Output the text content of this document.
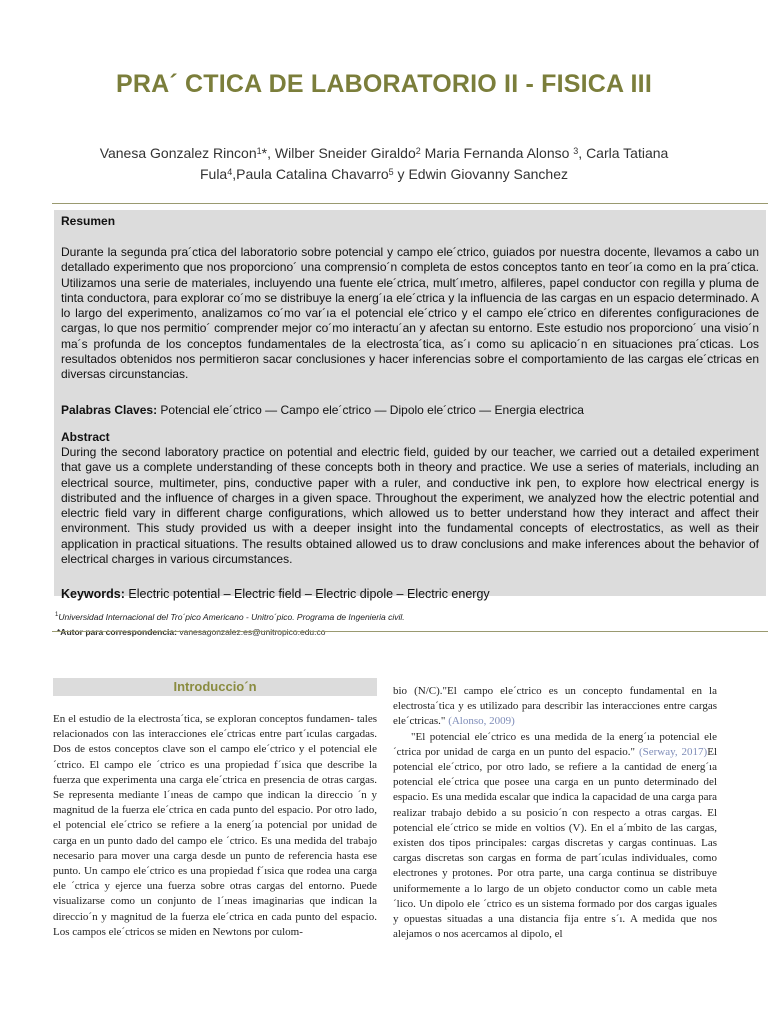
PRA´ CTICA DE LABORATORIO II - FISICA III
Vanesa Gonzalez Rincon$^1$*, Wilber Sneider Giraldo$^2$ Maria Fernanda Alonso $^3$, Carla Tatiana Fula$^4$,Paula Catalina Chavarro$^5$ y Edwin Giovanny Sanchez
Resumen

Durante la segunda pra´ctica del laboratorio sobre potencial y campo ele´ctrico, guiados por nuestra docente, llevamos a cabo un detallado experimento que nos proporciono´ una comprensio´n completa de estos conceptos tanto en teor´ıa como en la pra´ctica. Utilizamos una serie de materiales, incluyendo una fuente ele´ctrica, mult´ımetro, alfileres, papel conductor con regilla y pluma de tinta conductora, para explorar co´mo se distribuye la energ´ıa ele´ctrica y la influencia de las cargas en un espacio determinado. A lo largo del experimento, analizamos co´mo var´ıa el potencial ele´ctrico y el campo ele´ctrico en diferentes configuraciones de cargas, lo que nos permitio´ comprender mejor co´mo interactu´an y afectan su entorno. Este estudio nos proporciono´ una visio´n ma´s profunda de los conceptos fundamentales de la electrosta´tica, as´ı como su aplicacio´n en situaciones pra´cticas. Los resultados obtenidos nos permitieron sacar conclusiones y hacer inferencias sobre el comportamiento de las cargas ele´ctricas en diversas circunstancias.

Palabras Claves: Potencial ele´ctrico — Campo ele´ctrico — Dipolo ele´ctrico — Energia electrica
Abstract

During the second laboratory practice on potential and electric field, guided by our teacher, we carried out a detailed experiment that gave us a complete understanding of these concepts both in theory and practice. We use a series of materials, including an electrical source, multimeter, pins, conductive paper with a ruler, and conductive ink pen, to explore how electrical energy is distributed and the influence of charges in a given space. Throughout the experiment, we analyzed how the electric potential and electric field vary in different charge configurations, which allowed us to better understand how they interact and affect their environment. This study provided us with a deeper insight into the fundamental concepts of electrostatics, as well as their application in practical situations. The results obtained allowed us to draw conclusions and make inferences about the behavior of electrical charges in various circumstances.

Keywords: Electric potential – Electric field – Electric dipole – Electric energy
$^1$Universidad Internacional del Tro´pico Americano - Unitro´pico. Programa de Ingenieria civil.
*Autor para correspondencia: vanesagonzalez.es@unitropico.edu.co
Introduccio´n

En el estudio de la electrosta´tica, se exploran conceptos fundamen- tales relacionados con las interacciones ele´ctricas entre part´ıculas cargadas. Dos de estos conceptos clave son el campo ele´ctrico y el potencial ele´ctrico. El campo ele ´ctrico es una propiedad f´ısica que describe la fuerza que experimenta una carga ele´ctrica en presencia de otras cargas. Se representa mediante l´ıneas de campo que indican la direccio ´n y magnitud de la fuerza ele´ctrica en cada punto del espacio. Por otro lado, el potencial ele´ctrico se refiere a la energ´ıa potencial por unidad de carga en un punto dado del campo ele ´ctrico. Es una medida del trabajo necesario para mover una carga desde un punto de referencia hasta ese punto. Un campo ele´ctrico es una propiedad f´ısica que rodea una carga ele ´ctrica y ejerce una fuerza sobre otras cargas del entorno. Puede visualizarse como un conjunto de l´ıneas imaginarias que indican la direccio´n y magnitud de la fuerza ele´ctrica en cada punto del espacio. Los campos ele´ctricos se miden en Newtons por culom-

bio (N/C)."El campo ele´ctrico es un concepto fundamental en la electrosta´tica y es utilizado para describir las interacciones entre cargas ele´ctricas." (Alonso, 2009)
"El potencial ele´ctrico es una medida de la energ´ıa potencial ele´ctrica por unidad de carga en un punto del espacio." (Serway, 2017)El potencial ele´ctrico, por otro lado, se refiere a la cantidad de energ´ıa potencial ele´ctrica que posee una carga en un punto determinado del espacio. Es una medida escalar que indica la capacidad de una carga para realizar trabajo debido a su posicio´n con respecto a otras cargas. El potencial ele´ctrico se mide en voltios (V). En el a´mbito de las cargas, existen dos tipos principales: cargas discretas y cargas continuas. Las cargas discretas son cargas en forma de part´ıculas individuales, como electrones y protones. Por otra parte, una carga continua se distribuye uniformemente a lo largo de un objeto conductor como un cable meta´lico. Un dipolo ele ´ctrico es un sistema formado por dos cargas iguales y opuestas situadas a una distancia fija entre s´ı. A medida que nos alejamos o nos acercamos al dipolo, el
